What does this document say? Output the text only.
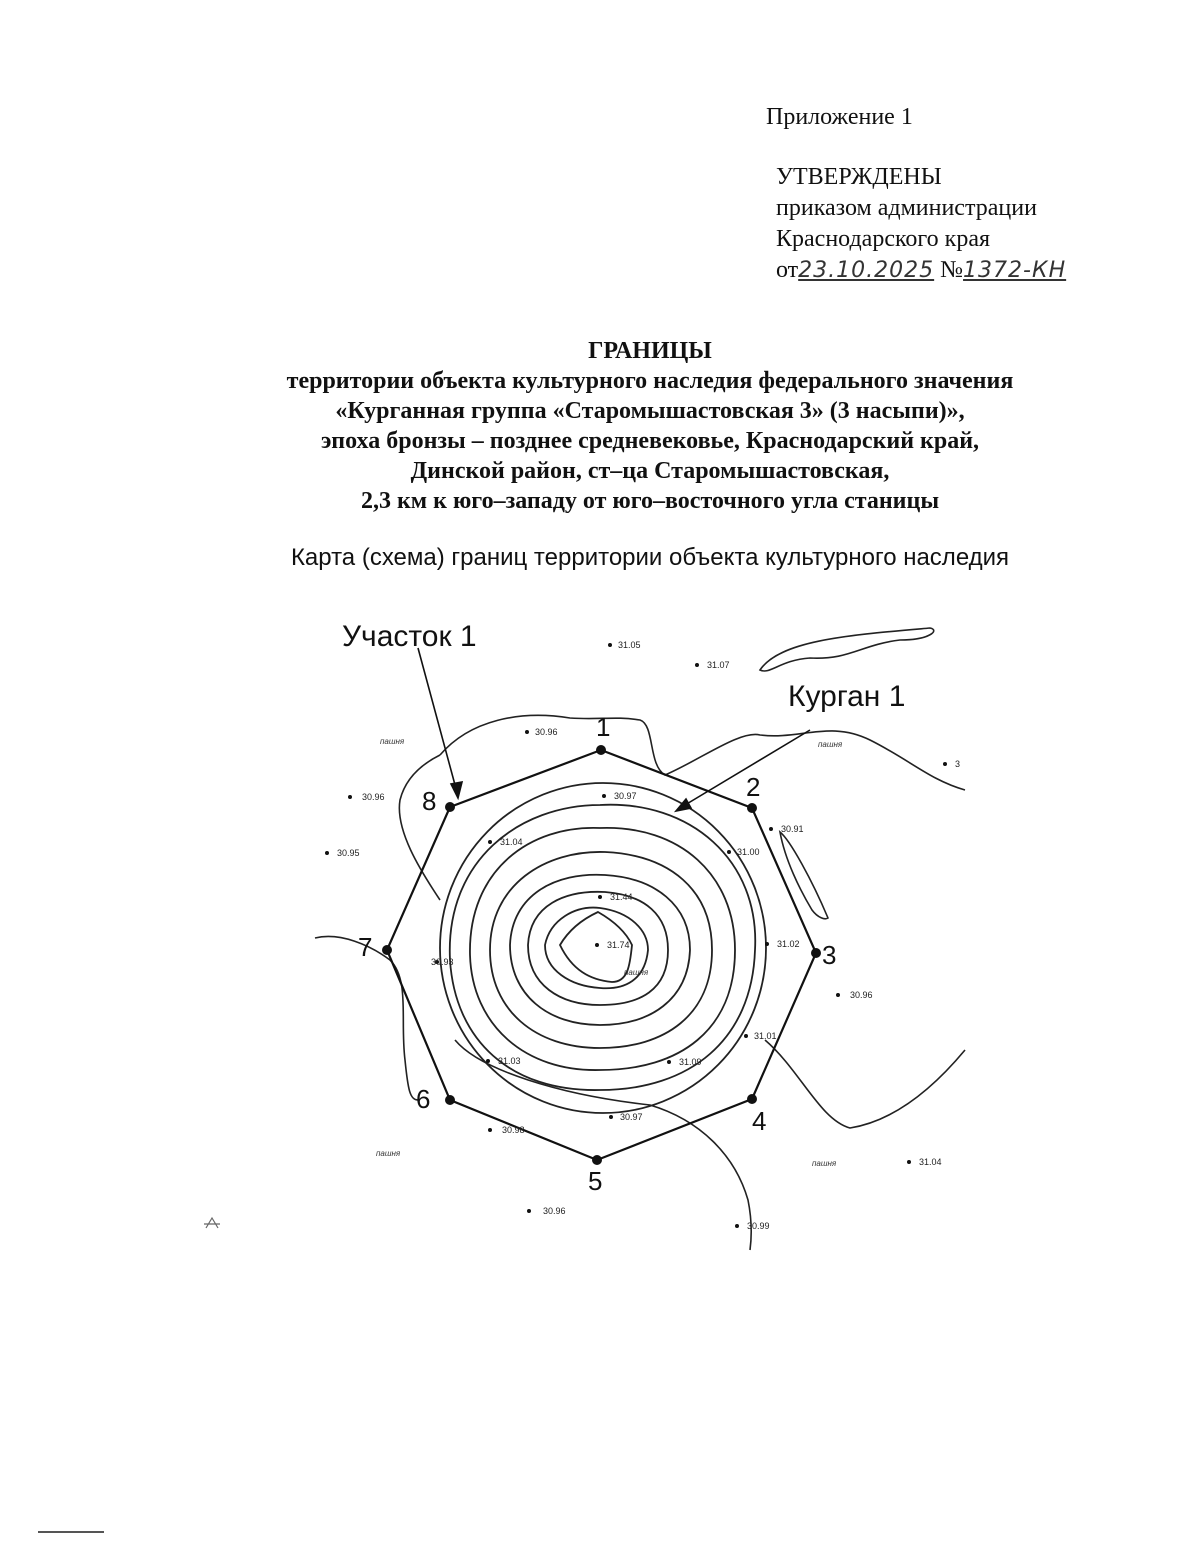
Приложение 1
УТВЕРЖДЕНЫ
приказом администрации
Краснодарского края
от23.10.2025 №1372-КН
ГРАНИЦЫ
территории объекта культурного наследия федерального значения
«Курганная группа «Старомышастовская 3» (3 насыпи)»,
эпоха бронзы – позднее средневековье, Краснодарский край,
Динской район, ст–ца Старомышастовская,
2,3 км к юго–западу от юго–восточного угла станицы
Карта (схема) границ территории объекта культурного наследия
1
2
3
4
5
6
7
8
Участок 1
Курган 1
31.05
31.07
30.96
30.96
30.95
30.97
30.91
31.04
31.00
31.44
31.74	31.02
30.96
30.93
31.01
31.03	31.09
30.97
30.98
31.04
30.96
30.99
3
пашня	пашня
пашня
пашня
пашня
